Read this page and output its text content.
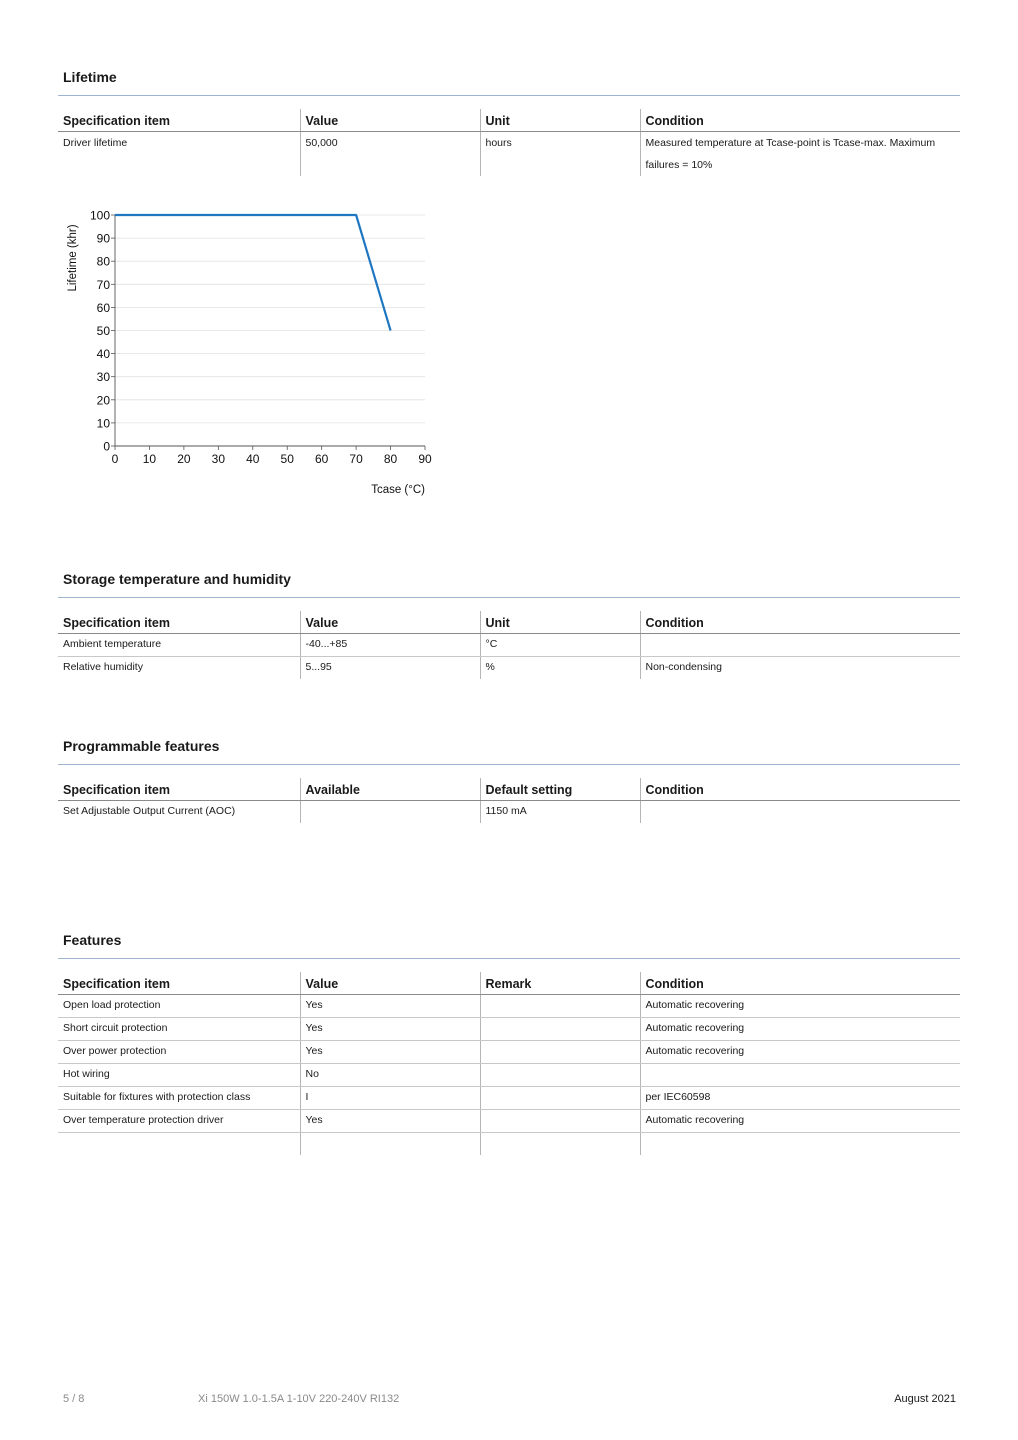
Lifetime
Specification item	Value	Unit	Condition
Driver lifetime	50,000	hours	Measured temperature at Tcase-point is Tcase-max. Maximum failures = 10%
0
10
20
30
40
50
60
70
80
90
100
0 10 20 30 40 50 60 70 80 90
Lifetime (khr)
Tcase (°C)
Storage temperature and humidity
Specification item	Value	Unit	Condition
Ambient temperature	-40...+85	°C	
Relative humidity	5...95	%	Non-condensing
Programmable features
Specification item	Available	Default setting	Condition
Set Adjustable Output Current (AOC)		1150 mA	
Features
Specification item	Value	Remark	Condition
Open load protection	Yes		Automatic recovering
Short circuit protection	Yes		Automatic recovering
Over power protection	Yes		Automatic recovering
Hot wiring	No		
Suitable for fixtures with protection class	I		per IEC60598
Over temperature protection driver	Yes		Automatic recovering

5 / 8	Xi 150W 1.0-1.5A 1-10V 220-240V RI132	August 2021
